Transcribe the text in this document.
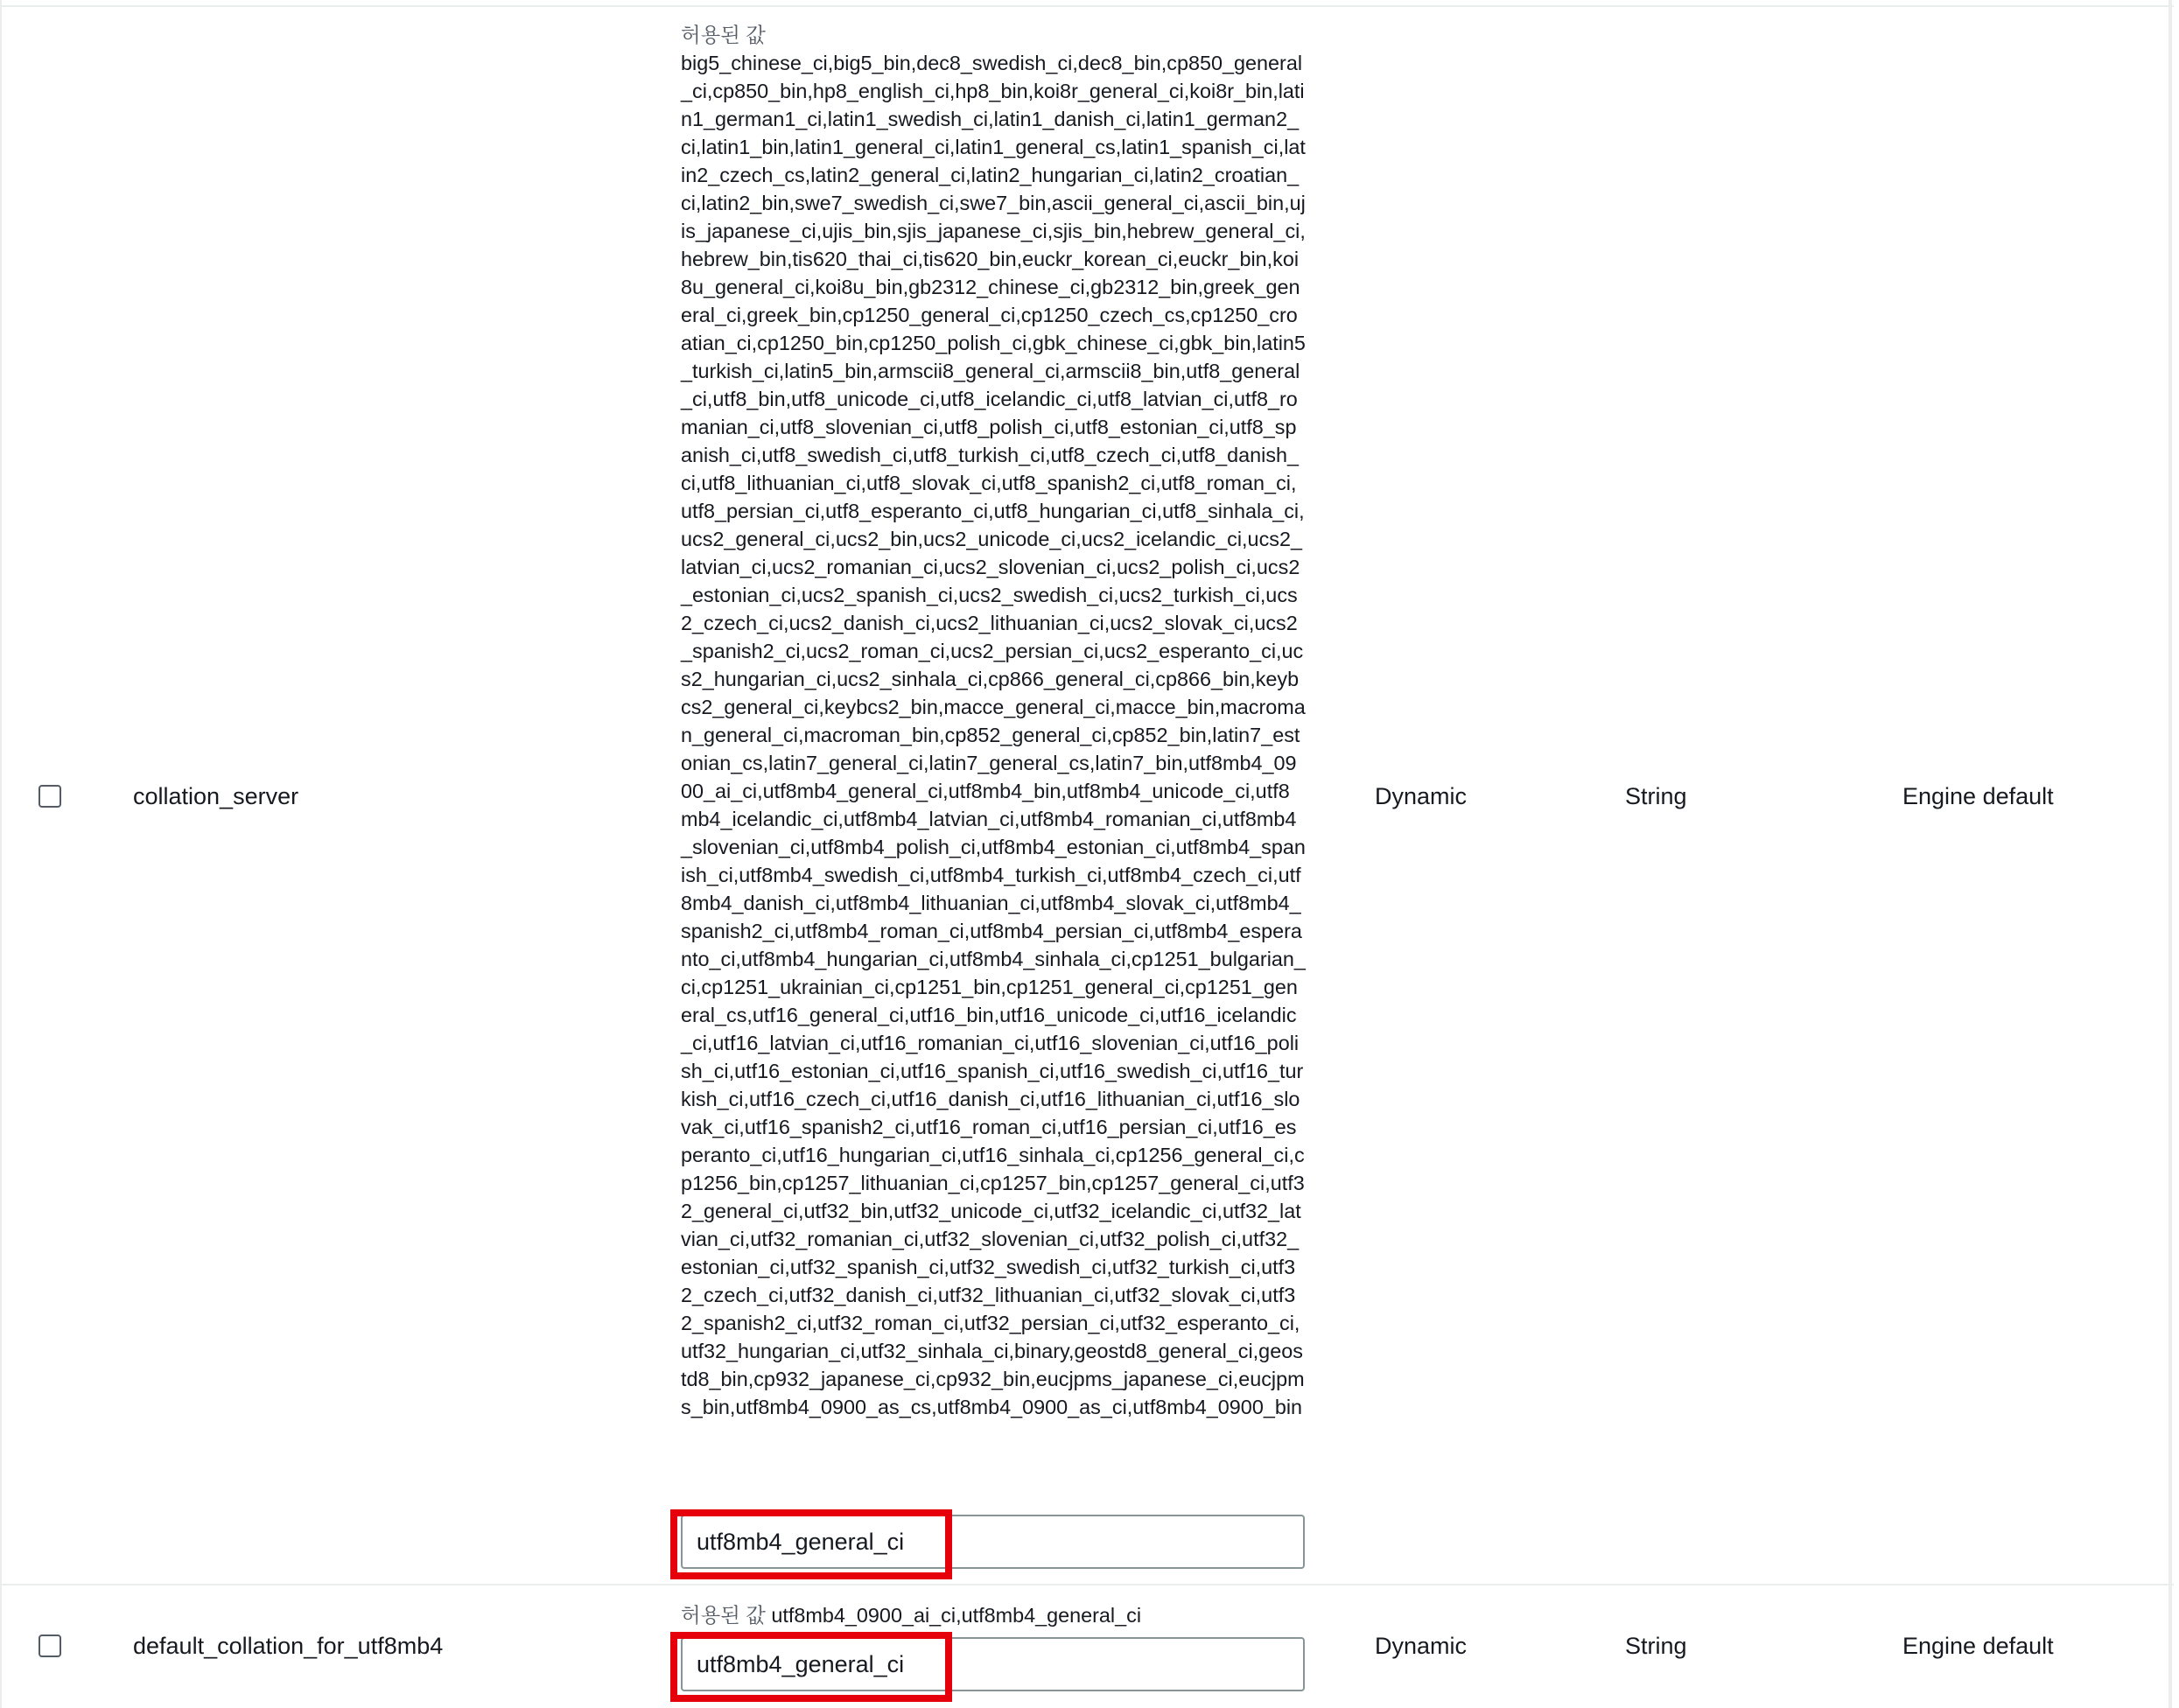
collation_server
허용된 값
big5_chinese_ci,big5_bin,dec8_swedish_ci,dec8_bin,cp850_general_ci,cp850_bin,hp8_english_ci,hp8_bin,koi8r_general_ci,koi8r_bin,latin1_german1_ci,latin1_swedish_ci,latin1_danish_ci,latin1_german2_ci,latin1_bin,latin1_general_ci,latin1_general_cs,latin1_spanish_ci,latin2_czech_cs,latin2_general_ci,latin2_hungarian_ci,latin2_croatian_ci,latin2_bin,swe7_swedish_ci,swe7_bin,ascii_general_ci,ascii_bin,ujis_japanese_ci,ujis_bin,sjis_japanese_ci,sjis_bin,hebrew_general_ci,hebrew_bin,tis620_thai_ci,tis620_bin,euckr_korean_ci,euckr_bin,koi8u_general_ci,koi8u_bin,gb2312_chinese_ci,gb2312_bin,greek_general_ci,greek_bin,cp1250_general_ci,cp1250_czech_cs,cp1250_croatian_ci,cp1250_bin,cp1250_polish_ci,gbk_chinese_ci,gbk_bin,latin5_turkish_ci,latin5_bin,armscii8_general_ci,armscii8_bin,utf8_general_ci,utf8_bin,utf8_unicode_ci,utf8_icelandic_ci,utf8_latvian_ci,utf8_romanian_ci,utf8_slovenian_ci,utf8_polish_ci,utf8_estonian_ci,utf8_spanish_ci,utf8_swedish_ci,utf8_turkish_ci,utf8_czech_ci,utf8_danish_ci,utf8_lithuanian_ci,utf8_slovak_ci,utf8_spanish2_ci,utf8_roman_ci,utf8_persian_ci,utf8_esperanto_ci,utf8_hungarian_ci,utf8_sinhala_ci,ucs2_general_ci,ucs2_bin,ucs2_unicode_ci,ucs2_icelandic_ci,ucs2_latvian_ci,ucs2_romanian_ci,ucs2_slovenian_ci,ucs2_polish_ci,ucs2_estonian_ci,ucs2_spanish_ci,ucs2_swedish_ci,ucs2_turkish_ci,ucs2_czech_ci,ucs2_danish_ci,ucs2_lithuanian_ci,ucs2_slovak_ci,ucs2_spanish2_ci,ucs2_roman_ci,ucs2_persian_ci,ucs2_esperanto_ci,ucs2_hungarian_ci,ucs2_sinhala_ci,cp866_general_ci,cp866_bin,keybcs2_general_ci,keybcs2_bin,macce_general_ci,macce_bin,macroman_general_ci,macroman_bin,cp852_general_ci,cp852_bin,latin7_estonian_cs,latin7_general_ci,latin7_general_cs,latin7_bin,utf8mb4_0900_ai_ci,utf8mb4_general_ci,utf8mb4_bin,utf8mb4_unicode_ci,utf8mb4_icelandic_ci,utf8mb4_latvian_ci,utf8mb4_romanian_ci,utf8mb4_slovenian_ci,utf8mb4_polish_ci,utf8mb4_estonian_ci,utf8mb4_spanish_ci,utf8mb4_swedish_ci,utf8mb4_turkish_ci,utf8mb4_czech_ci,utf8mb4_danish_ci,utf8mb4_lithuanian_ci,utf8mb4_slovak_ci,utf8mb4_spanish2_ci,utf8mb4_roman_ci,utf8mb4_persian_ci,utf8mb4_esperanto_ci,utf8mb4_hungarian_ci,utf8mb4_sinhala_ci,cp1251_bulgarian_ci,cp1251_ukrainian_ci,cp1251_bin,cp1251_general_ci,cp1251_general_cs,utf16_general_ci,utf16_bin,utf16_unicode_ci,utf16_icelandic_ci,utf16_latvian_ci,utf16_romanian_ci,utf16_slovenian_ci,utf16_polish_ci,utf16_estonian_ci,utf16_spanish_ci,utf16_swedish_ci,utf16_turkish_ci,utf16_czech_ci,utf16_danish_ci,utf16_lithuanian_ci,utf16_slovak_ci,utf16_spanish2_ci,utf16_roman_ci,utf16_persian_ci,utf16_esperanto_ci,utf16_hungarian_ci,utf16_sinhala_ci,cp1256_general_ci,cp1256_bin,cp1257_lithuanian_ci,cp1257_bin,cp1257_general_ci,utf32_general_ci,utf32_bin,utf32_unicode_ci,utf32_icelandic_ci,utf32_latvian_ci,utf32_romanian_ci,utf32_slovenian_ci,utf32_polish_ci,utf32_estonian_ci,utf32_spanish_ci,utf32_swedish_ci,utf32_turkish_ci,utf32_czech_ci,utf32_danish_ci,utf32_lithuanian_ci,utf32_slovak_ci,utf32_spanish2_ci,utf32_roman_ci,utf32_persian_ci,utf32_esperanto_ci,utf32_hungarian_ci,utf32_sinhala_ci,binary,geostd8_general_ci,geostd8_bin,cp932_japanese_ci,cp932_bin,eucjpms_japanese_ci,eucjpms_bin,utf8mb4_0900_as_cs,utf8mb4_0900_as_ci,utf8mb4_0900_bin
utf8mb4_general_ci
Dynamic	String	Engine default
default_collation_for_utf8mb4
허용된 값 utf8mb4_0900_ai_ci,utf8mb4_general_ci
utf8mb4_general_ci
Dynamic	String	Engine default
